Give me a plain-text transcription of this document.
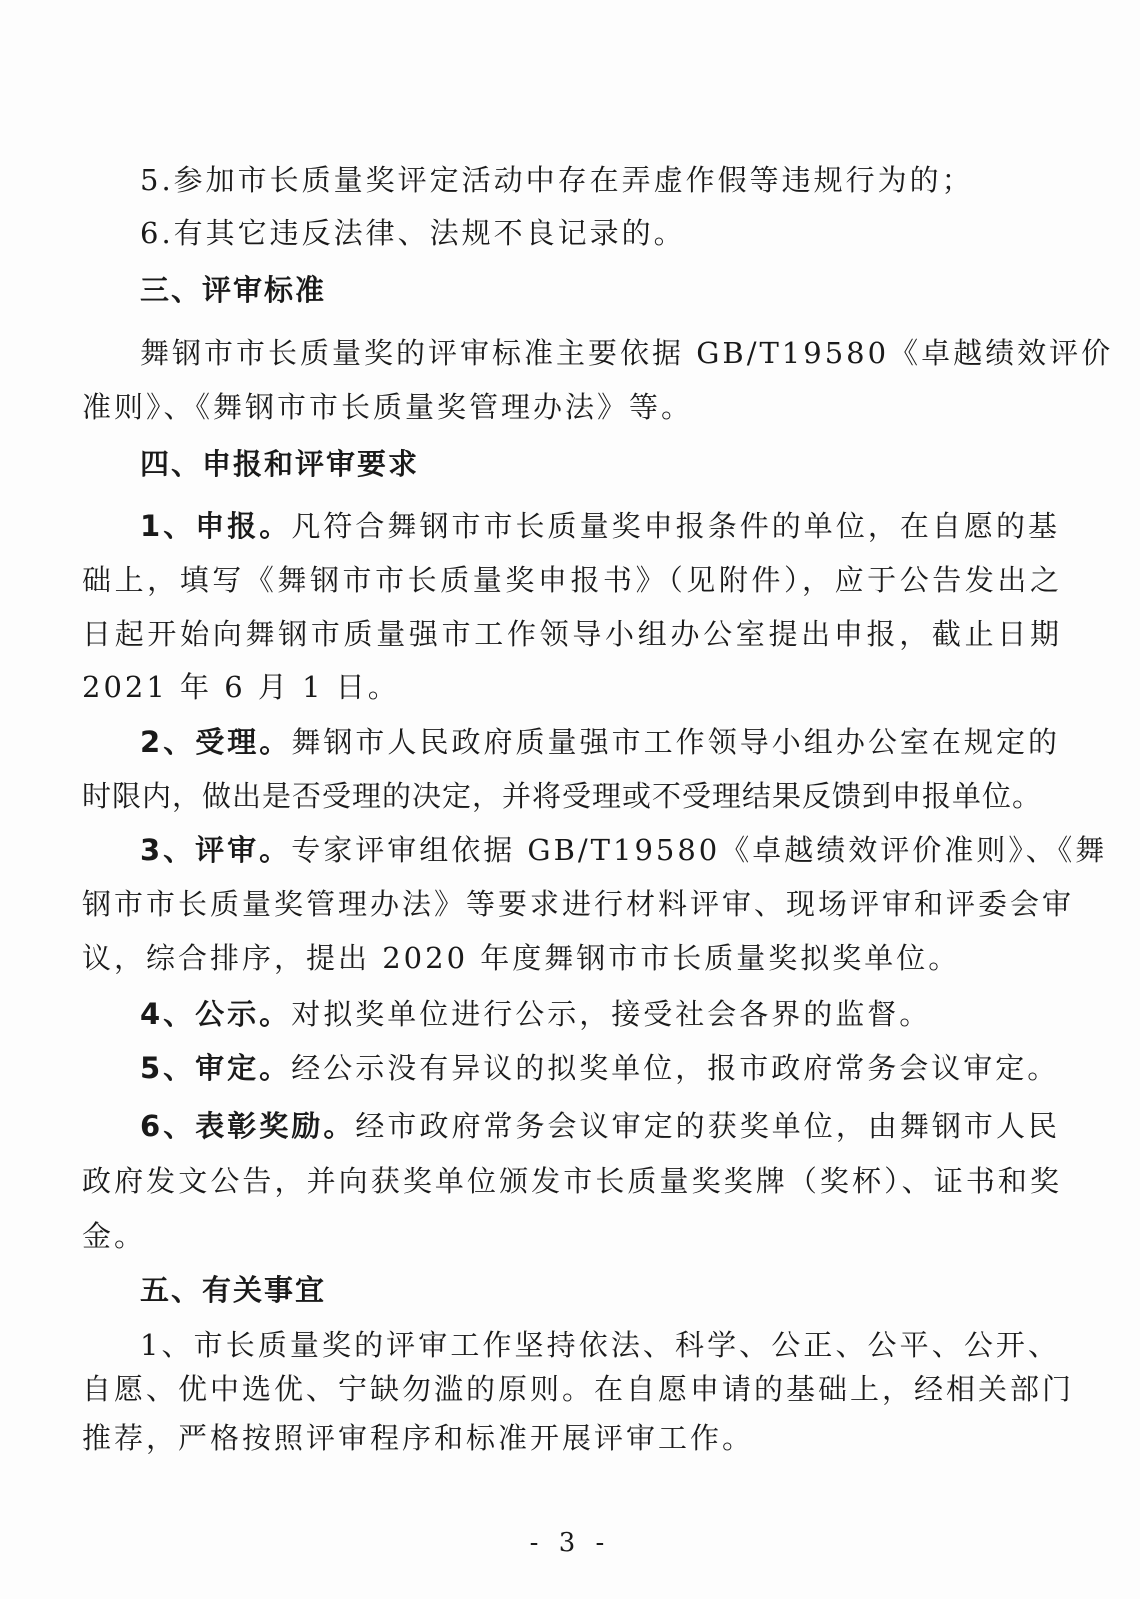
5.参加市长质量奖评定活动中存在弄虚作假等违规行为的；
6.有其它违反法律、法规不良记录的。
三、评审标准
舞钢市市长质量奖的评审标准主要依据 GB/T19580《卓越绩效评价
准则》、《舞钢市市长质量奖管理办法》等。
四、申报和评审要求
1、申报。凡符合舞钢市市长质量奖申报条件的单位，在自愿的基
础上，填写《舞钢市市长质量奖申报书》（见附件），应于公告发出之
日起开始向舞钢市质量强市工作领导小组办公室提出申报，截止日期
2021 年 6 月 1 日。
2、受理。舞钢市人民政府质量强市工作领导小组办公室在规定的
时限内，做出是否受理的决定，并将受理或不受理结果反馈到申报单位。
3、评审。专家评审组依据 GB/T19580《卓越绩效评价准则》、《舞
钢市市长质量奖管理办法》等要求进行材料评审、现场评审和评委会审
议，综合排序，提出 2020 年度舞钢市市长质量奖拟奖单位。
4、公示。对拟奖单位进行公示，接受社会各界的监督。
5、审定。经公示没有异议的拟奖单位，报市政府常务会议审定。
6、表彰奖励。经市政府常务会议审定的获奖单位，由舞钢市人民
政府发文公告，并向获奖单位颁发市长质量奖奖牌（奖杯）、证书和奖
金。
五、有关事宜
1、市长质量奖的评审工作坚持依法、科学、公正、公平、公开、
自愿、优中选优、宁缺勿滥的原则。在自愿申请的基础上，经相关部门
推荐，严格按照评审程序和标准开展评审工作。
- 3 -
